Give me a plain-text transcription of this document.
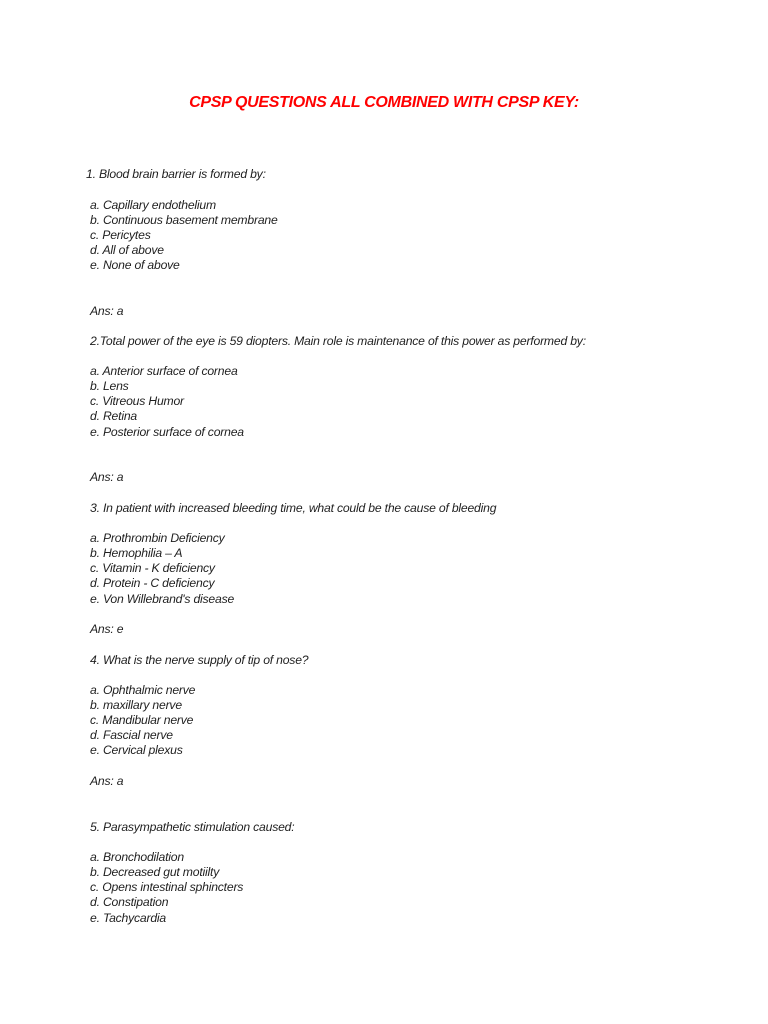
CPSP QUESTIONS ALL COMBINED WITH CPSP KEY:
1. Blood brain barrier is formed by:
a. Capillary endothelium
b. Continuous basement membrane
c. Pericytes
d. All of above
e. None of above
Ans: a
2.Total power of the eye is 59 diopters. Main role is maintenance of this power as performed by:
a. Anterior surface of cornea
b. Lens
c. Vitreous Humor
d. Retina
e. Posterior surface of cornea
Ans: a
3. In patient with increased bleeding time, what could be the cause of bleeding
a. Prothrombin Deficiency
b. Hemophilia – A
c. Vitamin - K deficiency
d. Protein - C deficiency
e. Von Willebrand's disease
Ans: e
4. What is the nerve supply of tip of nose?
a. Ophthalmic nerve
b. maxillary nerve
c. Mandibular nerve
d. Fascial nerve
e. Cervical plexus
Ans: a
5. Parasympathetic stimulation caused:
a. Bronchodilation
b. Decreased gut motiilty
c. Opens intestinal sphincters
d. Constipation
e. Tachycardia
